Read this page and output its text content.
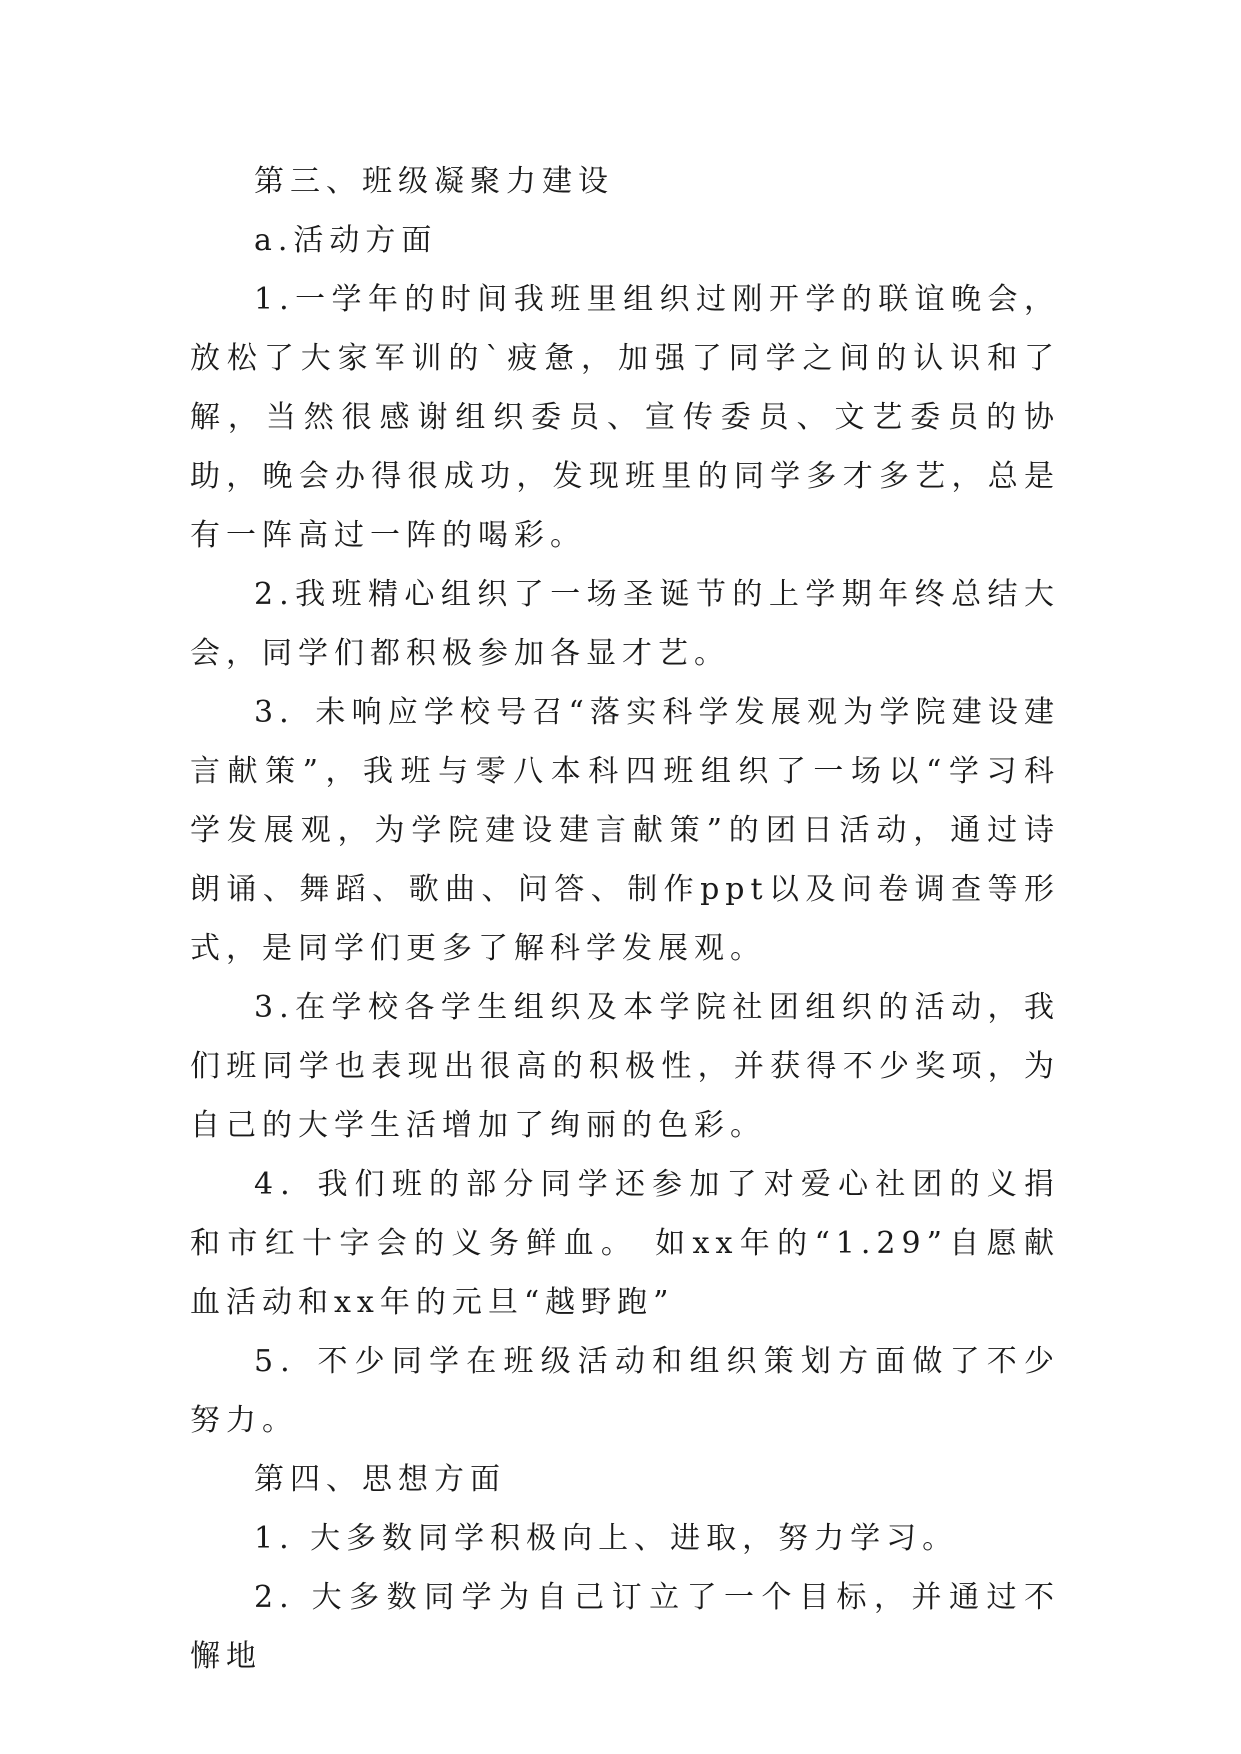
第三、班级凝聚力建设

a.活动方面

1.一学年的时间我班里组织过刚开学的联谊晚会，放松了大家军训的`疲惫，加强了同学之间的认识和了解，当然很感谢组织委员、宣传委员、文艺委员的协助，晚会办得很成功，发现班里的同学多才多艺，总是有一阵高过一阵的喝彩。

2.我班精心组织了一场圣诞节的上学期年终总结大会，同学们都积极参加各显才艺。

3．未响应学校号召“落实科学发展观为学院建设建言献策”，我班与零八本科四班组织了一场以“学习科学发展观，为学院建设建言献策”的团日活动，通过诗朗诵、舞蹈、歌曲、问答、制作ppt以及问卷调查等形式，是同学们更多了解科学发展观。

3.在学校各学生组织及本学院社团组织的活动，我们班同学也表现出很高的积极性，并获得不少奖项，为自己的大学生活增加了绚丽的色彩。

4．我们班的部分同学还参加了对爱心社团的义捐和市红十字会的义务鲜血。 如xx年的“1.29”自愿献血活动和xx年的元旦“越野跑”

5．不少同学在班级活动和组织策划方面做了不少努力。

第四、思想方面

1. 大多数同学积极向上、进取，努力学习。

2. 大多数同学为自己订立了一个目标，并通过不懈地
